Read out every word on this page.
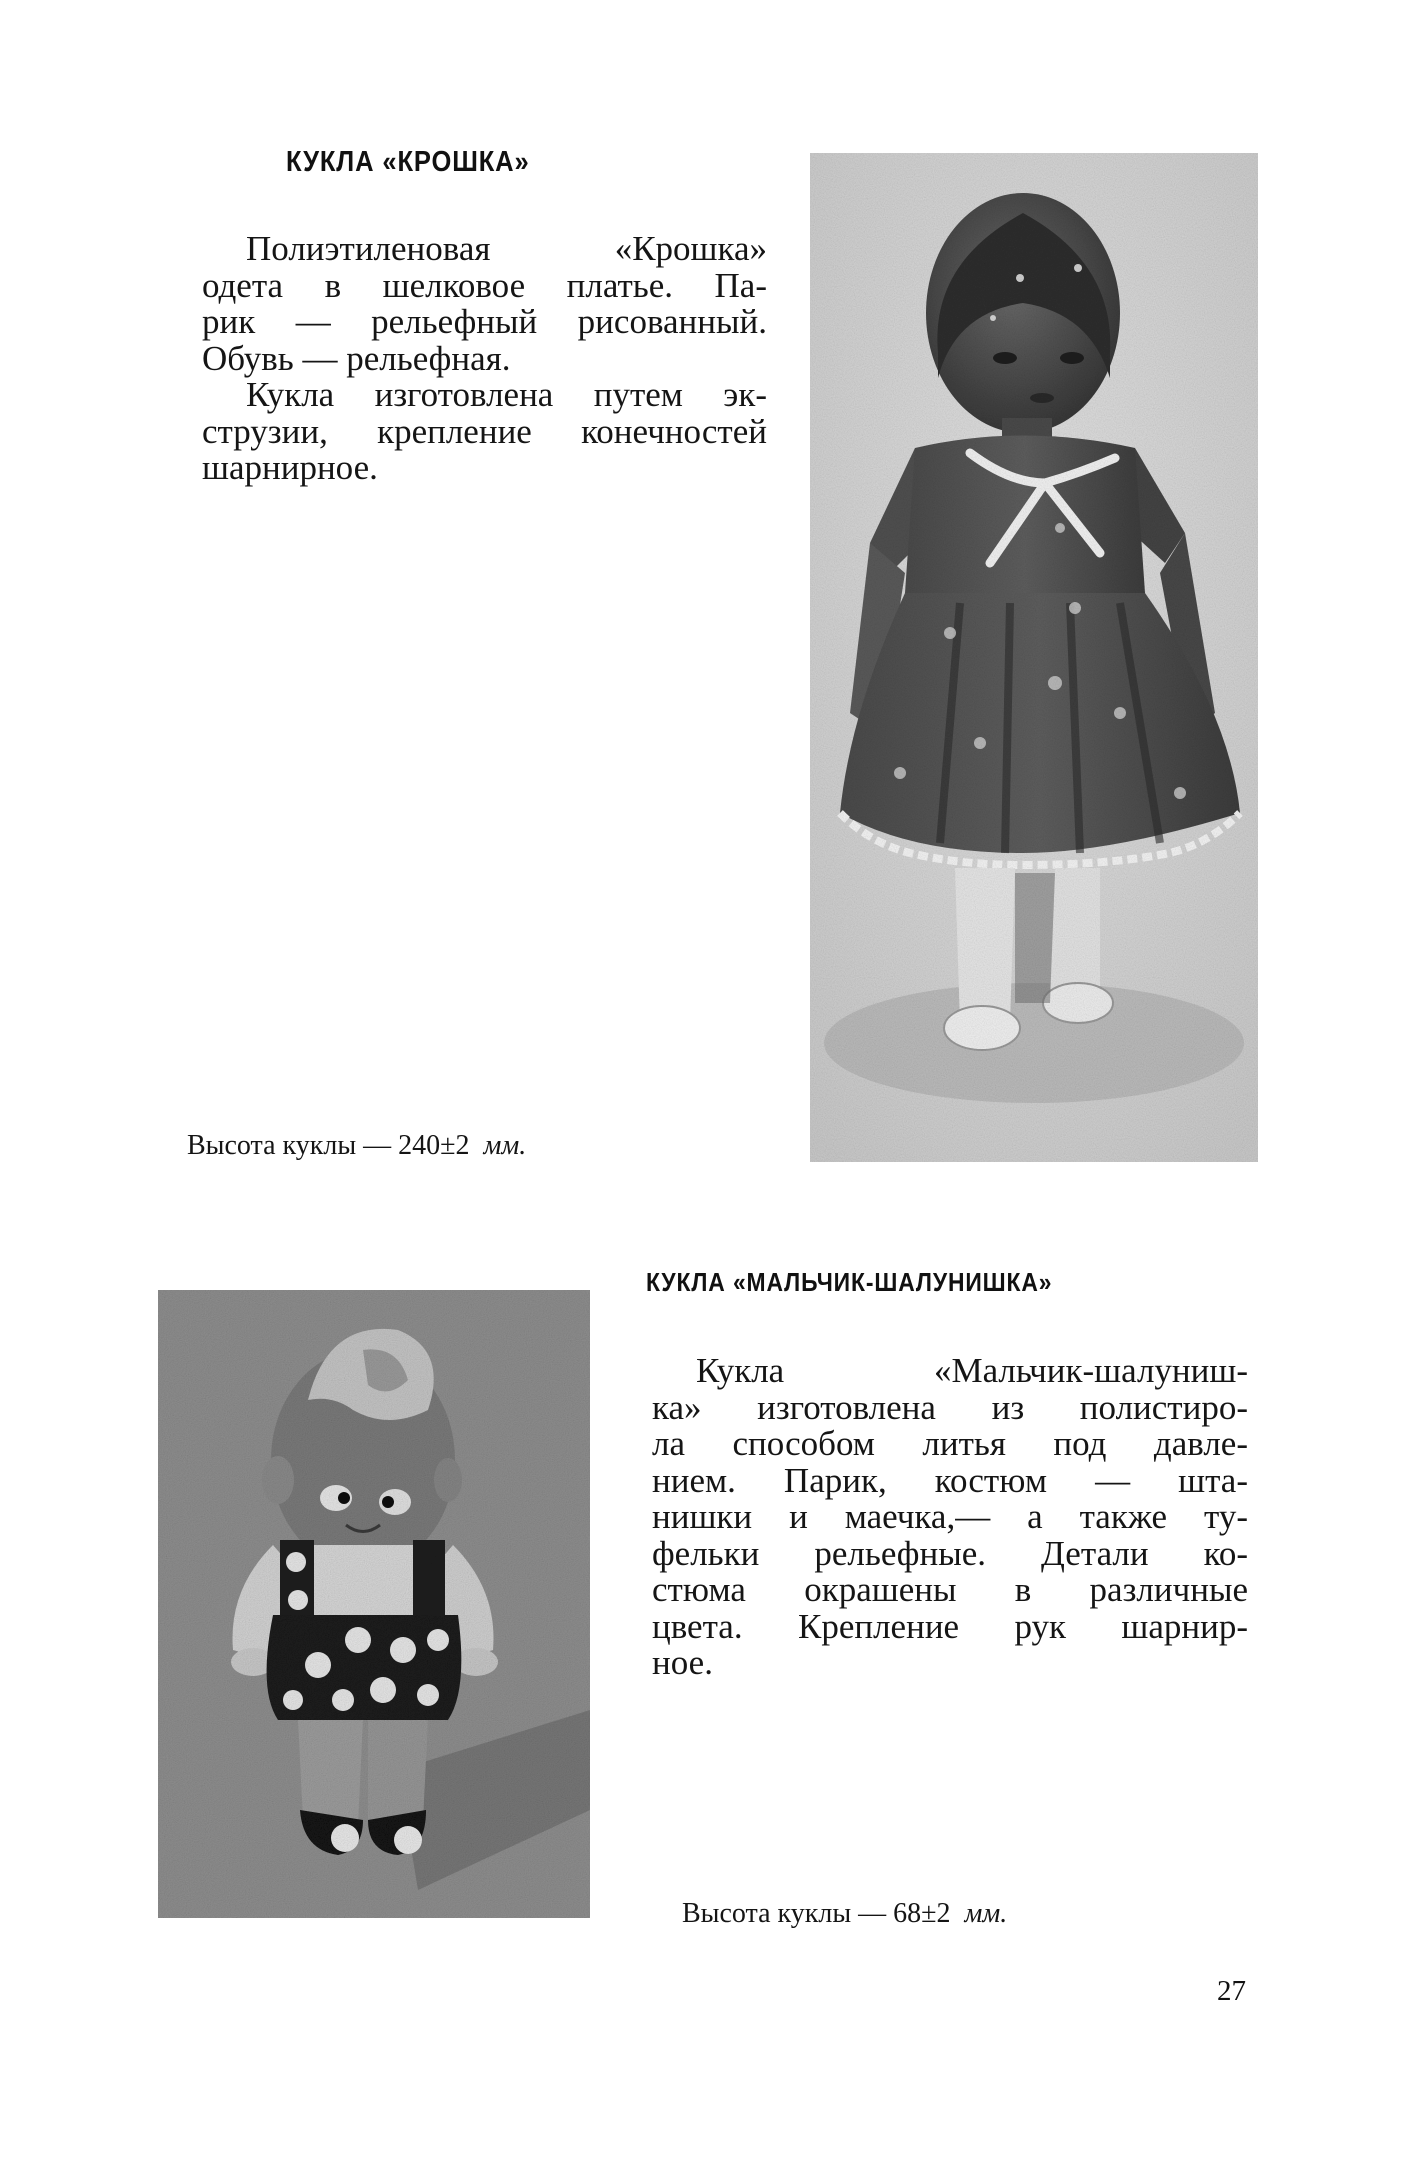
КУКЛА «КРОШКА»

Полиэтиленовая «Крошка»

одета в шелковое платье. Па-
рик — рельефный рисованный.
Обувь — рельефная.

Кукла изготовлена путем эк-

струзии, крепление конечностей
шарнирное.
Высота куклы — 240±2 мм.
КУКЛА «МАЛЬЧИК-ШАЛУНИШКА»

Кукла «Мальчик-шалуниш-

ка» изготовлена из полистиро-
ла способом литья под давле-
нием. Парик, костюм — шта-
нишки и маечка,— а также ту-
фельки рельефные. Детали ко-
стюма окрашены в различные
цвета. Крепление рук шарнир-
ное.
Высота куклы — 68±2 мм.
27
